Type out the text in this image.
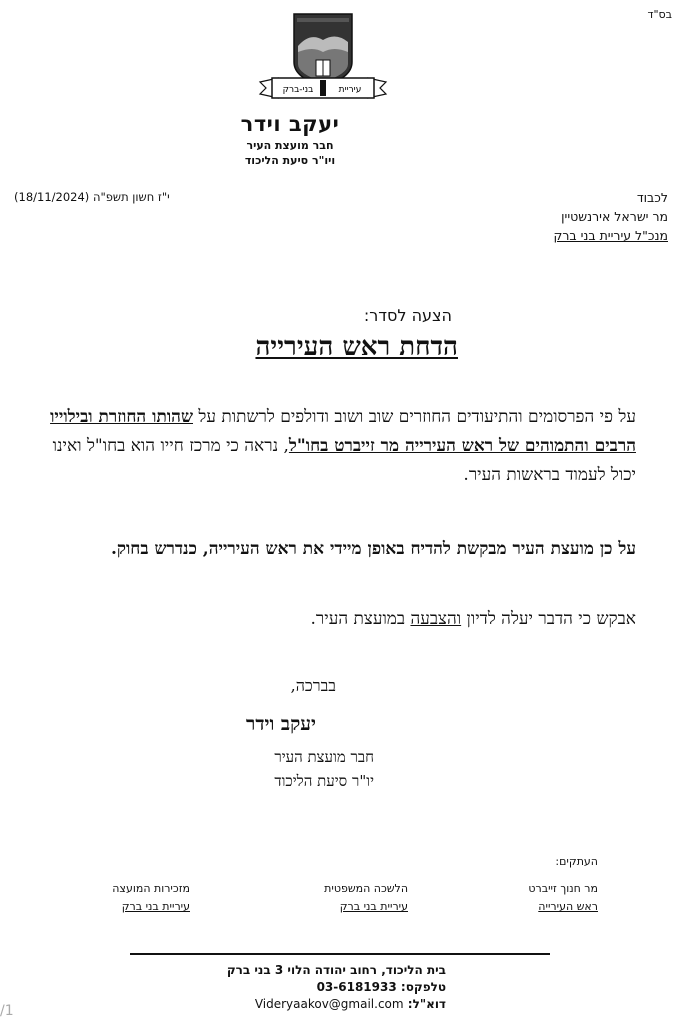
בס"ד
עיריית
בני-ברק
יעקב וידר
חבר מועצת העיר
ויו"ר סיעת הליכוד
י"ז חשון תשפ"ה (18/11/2024)	לכבוד
מר ישראל אירנשטיין
מנכ"ל עיריית בני ברק
הצעה לסדר:
הדחת ראש העירייה
על פי הפרסומים והתיעודים החוזרים שוב ושוב ודולפים לרשתות על שהותו החוזרת ובילוייו הרבים והתמוהים של ראש העירייה מר זייברט בחו"ל, נראה כי מרכז חייו הוא בחו"ל ואינו יכול לעמוד בראשות העיר.
על כן מועצת העיר מבקשת להדיח באופן מיידי את ראש העירייה, כנדרש בחוק.
אבקש כי הדבר יעלה לדיון והצבעה במועצת העיר.
בברכה,
יעקב וידר
חבר מועצת העיר
יו"ר סיעת הליכוד
העתקים:
מר חנוך זייברט
ראש העירייה
הלשכה המשפטית
עיריית בני ברק
מזכירות המועצה
עיריית בני ברק
בית הליכוד, רחוב יהודה הלוי 3 בני ברק
טלפקס: 03-6181933
דוא"ל: Videryaakov@gmail.com
/1
